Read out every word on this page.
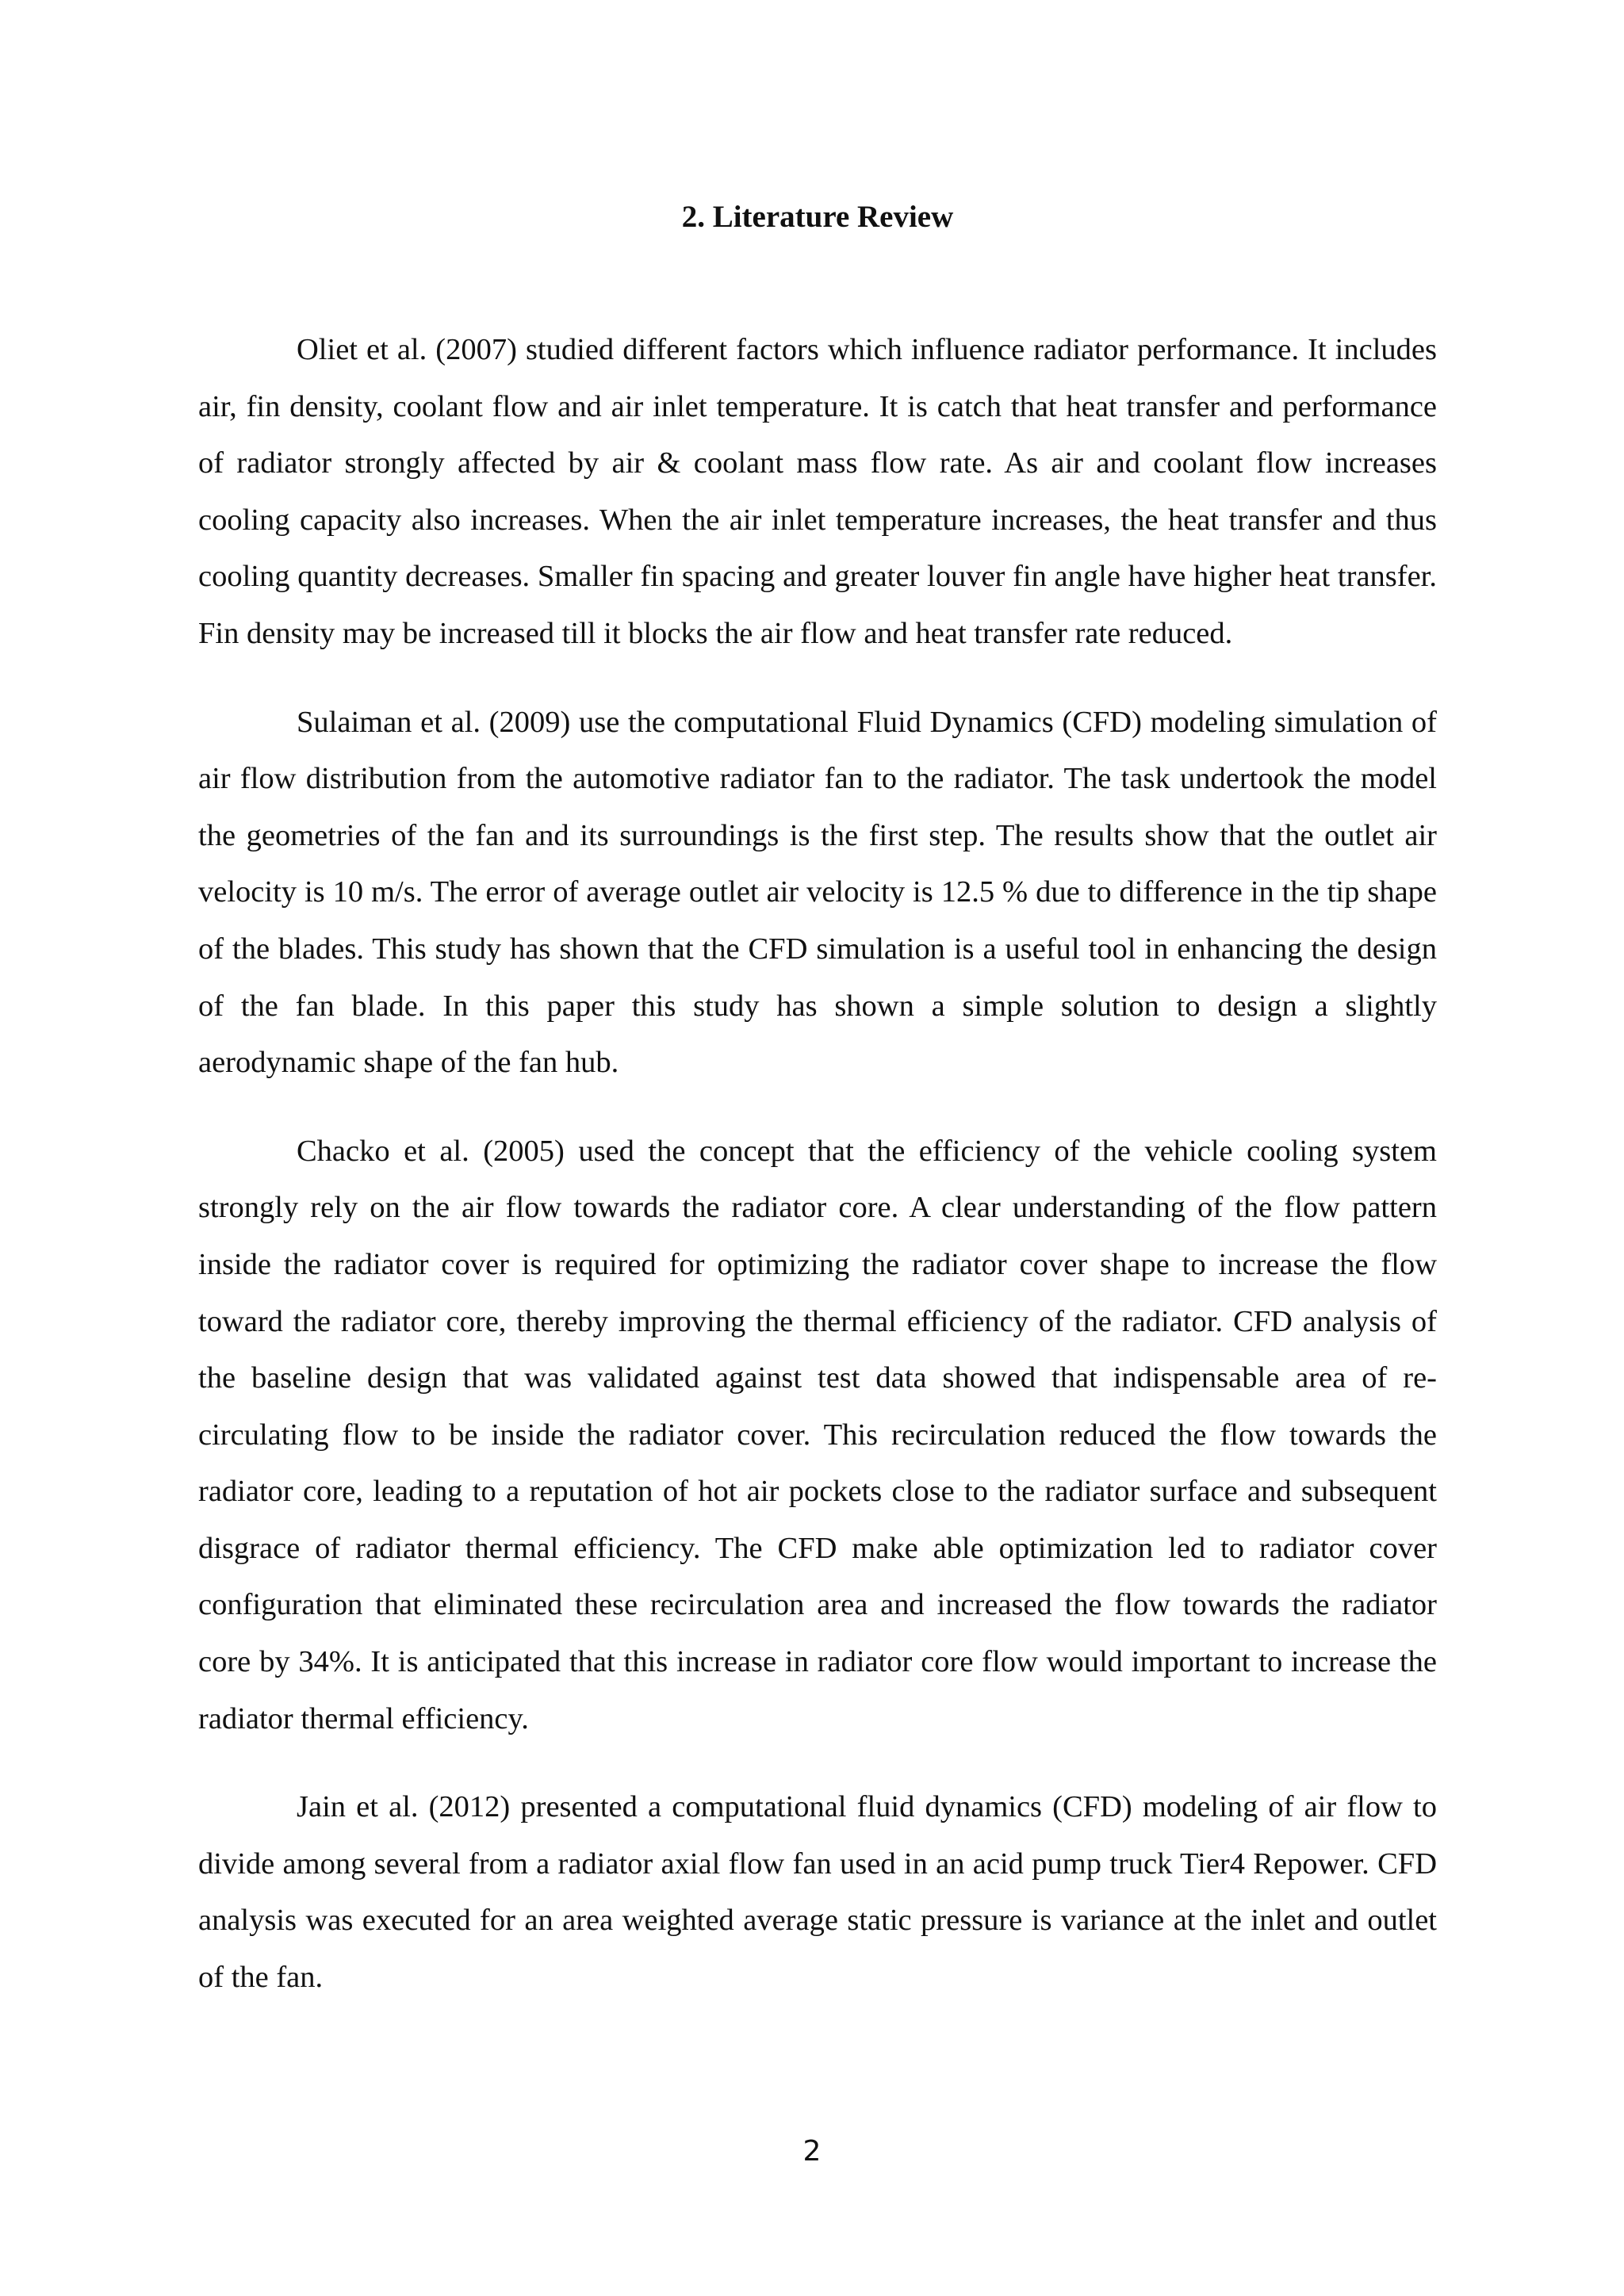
2. Literature Review

Oliet et al. (2007) studied different factors which influence radiator performance. It includes air, fin density, coolant flow and air inlet temperature. It is catch that heat transfer and performance of radiator strongly affected by air & coolant mass flow rate. As air and coolant flow increases cooling capacity also increases. When the air inlet temperature increases, the heat transfer and thus cooling quantity decreases. Smaller fin spacing and greater louver fin angle have higher heat transfer. Fin density may be increased till it blocks the air flow and heat transfer rate reduced.

Sulaiman et al. (2009) use the computational Fluid Dynamics (CFD) modeling simulation of air flow distribution from the automotive radiator fan to the radiator. The task undertook the model the geometries of the fan and its surroundings is the first step. The results show that the outlet air velocity is 10 m/s. The error of average outlet air velocity is 12.5 % due to difference in the tip shape of the blades. This study has shown that the CFD simulation is a useful tool in enhancing the design of the fan blade. In this paper this study has shown a simple solution to design a slightly aerodynamic shape of the fan hub.

Chacko et al. (2005) used the concept that the efficiency of the vehicle cooling system strongly rely on the air flow towards the radiator core. A clear understanding of the flow pattern inside the radiator cover is required for optimizing the radiator cover shape to increase the flow toward the radiator core, thereby improving the thermal efficiency of the radiator. CFD analysis of the baseline design that was validated against test data showed that indispensable area of re-circulating flow to be inside the radiator cover. This recirculation reduced the flow towards the radiator core, leading to a reputation of hot air pockets close to the radiator surface and subsequent disgrace of radiator thermal efficiency. The CFD make able optimization led to radiator cover configuration that eliminated these recirculation area and increased the flow towards the radiator core by 34%. It is anticipated that this increase in radiator core flow would important to increase the radiator thermal efficiency.

Jain et al. (2012) presented a computational fluid dynamics (CFD) modeling of air flow to divide among several from a radiator axial flow fan used in an acid pump truck Tier4 Repower. CFD analysis was executed for an area weighted average static pressure is variance at the inlet and outlet of the fan.

2
